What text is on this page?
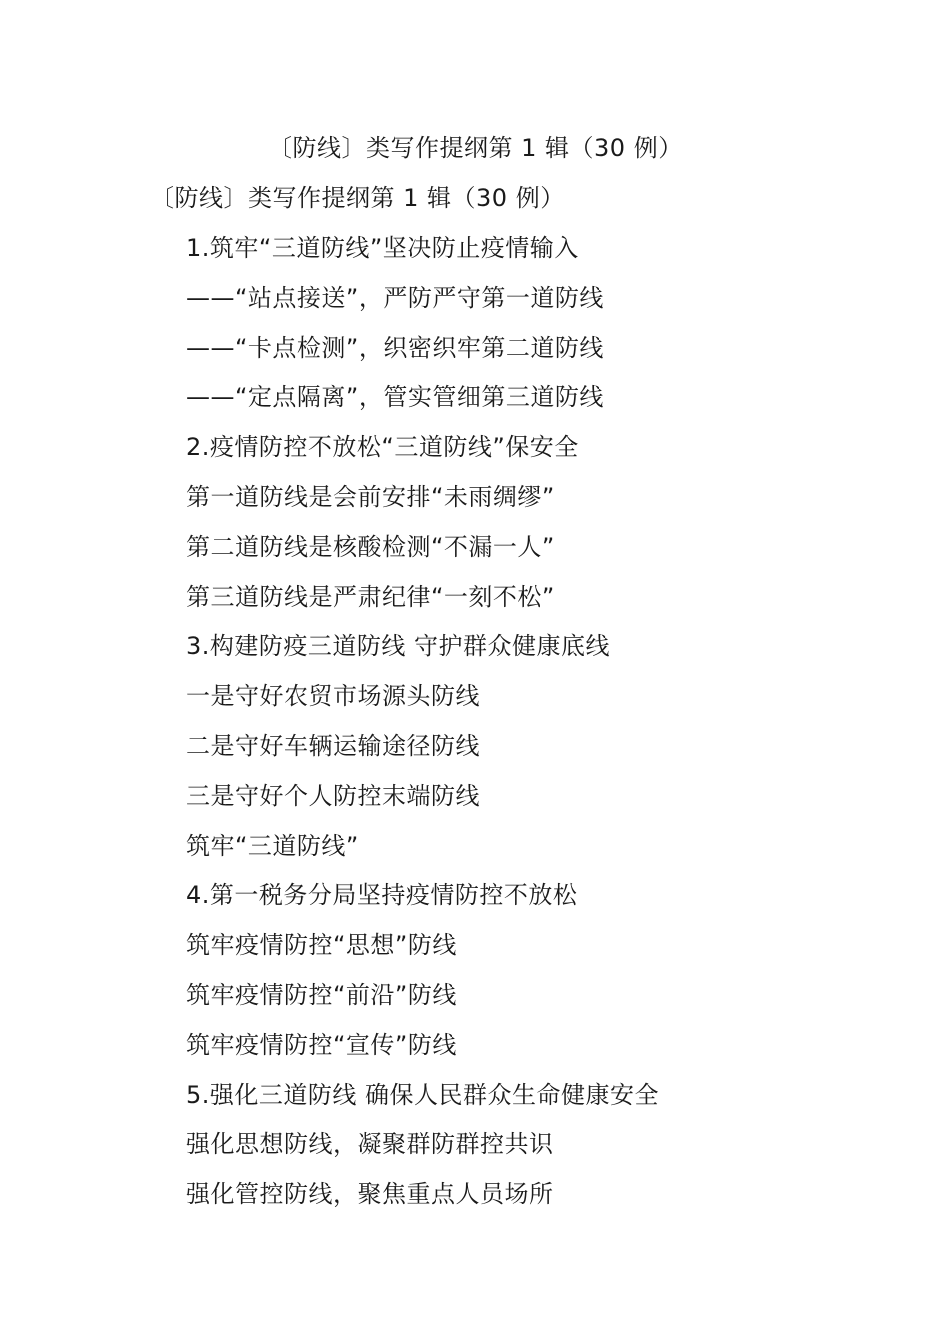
〔防线〕类写作提纲第 1 辑（30 例）
〔防线〕类写作提纲第 1 辑（30 例）
1.筑牢“三道防线”坚决防止疫情输入
——“站点接送”，严防严守第一道防线
——“卡点检测”，织密织牢第二道防线
——“定点隔离”，管实管细第三道防线
2.疫情防控不放松“三道防线”保安全
第一道防线是会前安排“未雨绸缪”
第二道防线是核酸检测“不漏一人”
第三道防线是严肃纪律“一刻不松”
3.构建防疫三道防线 守护群众健康底线
一是守好农贸市场源头防线
二是守好车辆运输途径防线
三是守好个人防控末端防线
筑牢“三道防线”
4.第一税务分局坚持疫情防控不放松
筑牢疫情防控“思想”防线
筑牢疫情防控“前沿”防线
筑牢疫情防控“宣传”防线
5.强化三道防线 确保人民群众生命健康安全
强化思想防线，凝聚群防群控共识
强化管控防线，聚焦重点人员场所
